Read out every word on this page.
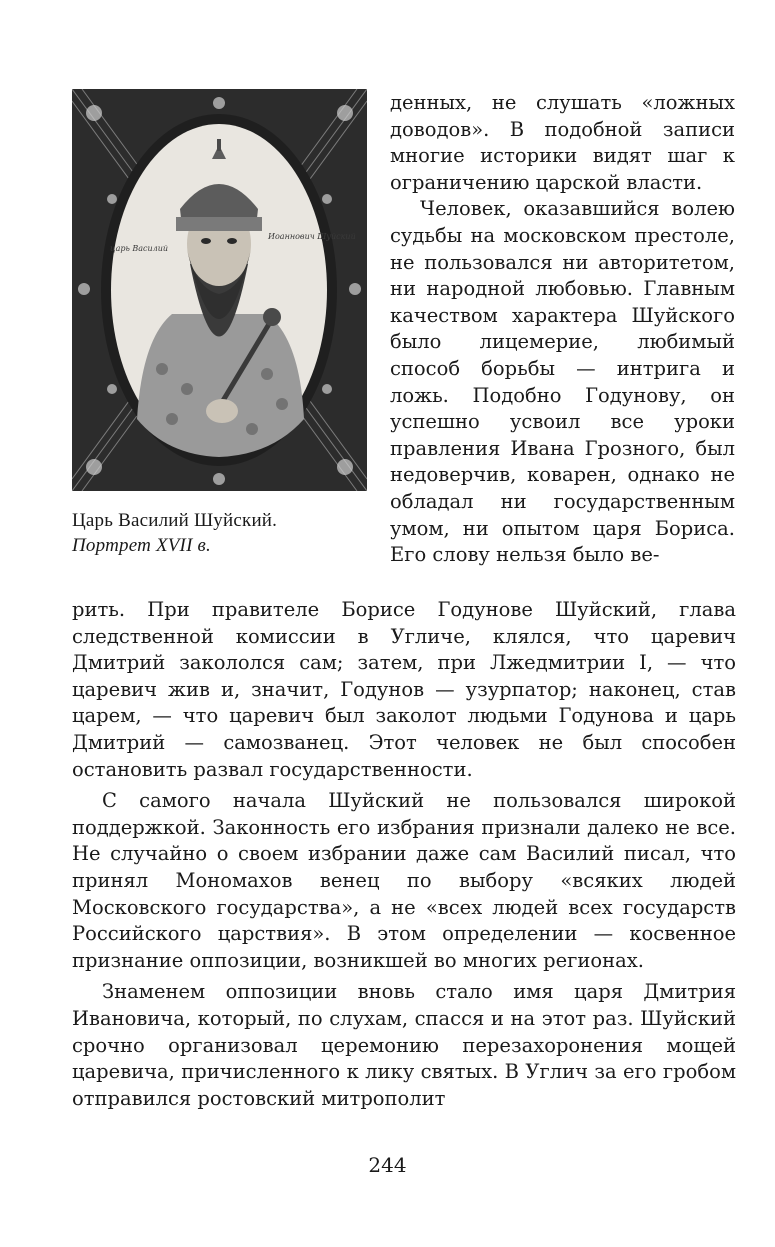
царь Василий
Иоаннович Шуйский
Царь Василий Шуйский.
Портрет XVII в.

денных, не слушать «ложных доводов». В подобной записи многие историки видят шаг к ограничению царской власти.

Человек, оказавшийся волею судьбы на московском престоле, не пользовался ни авторитетом, ни народной любовью. Главным качеством характера Шуйского было лицемерие, любимый способ борьбы — интрига и ложь. Подобно Годунову, он успешно усвоил все уроки правления Ивана Грозного, был недоверчив, коварен, однако не обладал ни государственным умом, ни опытом царя Бориса. Его слову нельзя было ве-

рить. При правителе Борисе Годунове Шуйский, глава следственной комиссии в Угличе, клялся, что царевич Дмитрий закололся сам; затем, при Лжедмитрии I, — что царевич жив и, значит, Годунов — узурпатор; наконец, став царем, — что царевич был заколот людьми Годунова и царь Дмитрий — самозванец. Этот человек не был способен остановить развал государственности.

С самого начала Шуйский не пользовался широкой поддержкой. Законность его избрания признали далеко не все. Не случайно о своем избрании даже сам Василий писал, что принял Мономахов венец по выбору «всяких людей Московского государства», а не «всех людей всех государств Российского царствия». В этом определении — косвенное признание оппозиции, возникшей во многих регионах.

Знаменем оппозиции вновь стало имя царя Дмитрия Ивановича, который, по слухам, спасся и на этот раз. Шуйский срочно организовал церемонию перезахоронения мощей царевича, причисленного к лику святых. В Углич за его гробом отправился ростовский митрополит

244
